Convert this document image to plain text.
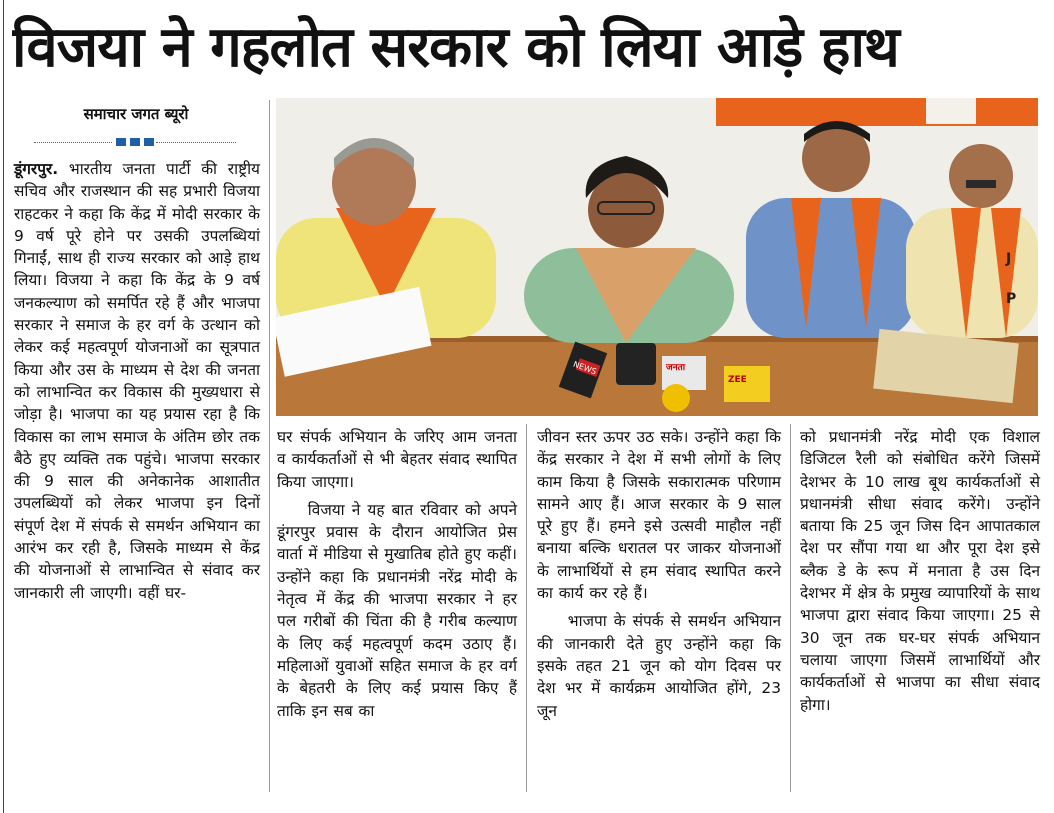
विजया ने गहलोत सरकार को लिया आड़े हाथ
समाचार जगत ब्यूरो

डूंगरपुर. भारतीय जनता पार्टी की राष्ट्रीय सचिव और राजस्थान की सह प्रभारी विजया राहटकर ने कहा कि केंद्र में मोदी सरकार के 9 वर्ष पूरे होने पर उसकी उपलब्धियां गिनाईं, साथ ही राज्य सरकार को आड़े हाथ लिया। विजया ने कहा कि केंद्र के 9 वर्ष जनकल्याण को समर्पित रहे हैं और भाजपा सरकार ने समाज के हर वर्ग के उत्थान को लेकर कई महत्वपूर्ण योजनाओं का सूत्रपात किया और उस के माध्यम से देश की जनता को लाभान्वित कर विकास की मुख्यधारा से जोड़ा है। भाजपा का यह प्रयास रहा है कि विकास का लाभ समाज के अंतिम छोर तक बैठे हुए व्यक्ति तक पहुंचे। भाजपा सरकार की 9 साल की अनेकानेक आशातीत उपलब्धियों को लेकर भाजपा इन दिनों संपूर्ण देश में संपर्क से समर्थन अभियान का आरंभ कर रही है, जिसके माध्यम से केंद्र की योजनाओं से लाभान्वित से संवाद कर जानकारी ली जाएगी। वहीं घर-

J
P
NEWS	जनता
ZEE

घर संपर्क अभियान के जरिए आम जनता व कार्यकर्ताओं से भी बेहतर संवाद स्थापित किया जाएगा।

विजया ने यह बात रविवार को अपने डूंगरपुर प्रवास के दौरान आयोजित प्रेस वार्ता में मीडिया से मुखातिब होते हुए कहीं। उन्होंने कहा कि प्रधानमंत्री नरेंद्र मोदी के नेतृत्व में केंद्र की भाजपा सरकार ने हर पल गरीबों की चिंता की है गरीब कल्याण के लिए कई महत्वपूर्ण कदम उठाए हैं। महिलाओं युवाओं सहित समाज के हर वर्ग के बेहतरी के लिए कई प्रयास किए हैं ताकि इन सब का

जीवन स्तर ऊपर उठ सके। उन्होंने कहा कि केंद्र सरकार ने देश में सभी लोगों के लिए काम किया है जिसके सकारात्मक परिणाम सामने आए हैं। आज सरकार के 9 साल पूरे हुए हैं। हमने इसे उत्सवी माहौल नहीं बनाया बल्कि धरातल पर जाकर योजनाओं के लाभार्थियों से हम संवाद स्थापित करने का कार्य कर रहे हैं।

भाजपा के संपर्क से समर्थन अभियान की जानकारी देते हुए उन्होंने कहा कि इसके तहत 21 जून को योग दिवस पर देश भर में कार्यक्रम आयोजित होंगे, 23 जून

को प्रधानमंत्री नरेंद्र मोदी एक विशाल डिजिटल रैली को संबोधित करेंगे जिसमें देशभर के 10 लाख बूथ कार्यकर्ताओं से प्रधानमंत्री सीधा संवाद करेंगे। उन्होंने बताया कि 25 जून जिस दिन आपातकाल देश पर सौंपा गया था और पूरा देश इसे ब्लैक डे के रूप में मनाता है उस दिन देशभर में क्षेत्र के प्रमुख व्यापारियों के साथ भाजपा द्वारा संवाद किया जाएगा। 25 से 30 जून तक घर-घर संपर्क अभियान चलाया जाएगा जिसमें लाभार्थियों और कार्यकर्ताओं से भाजपा का सीधा संवाद होगा।
